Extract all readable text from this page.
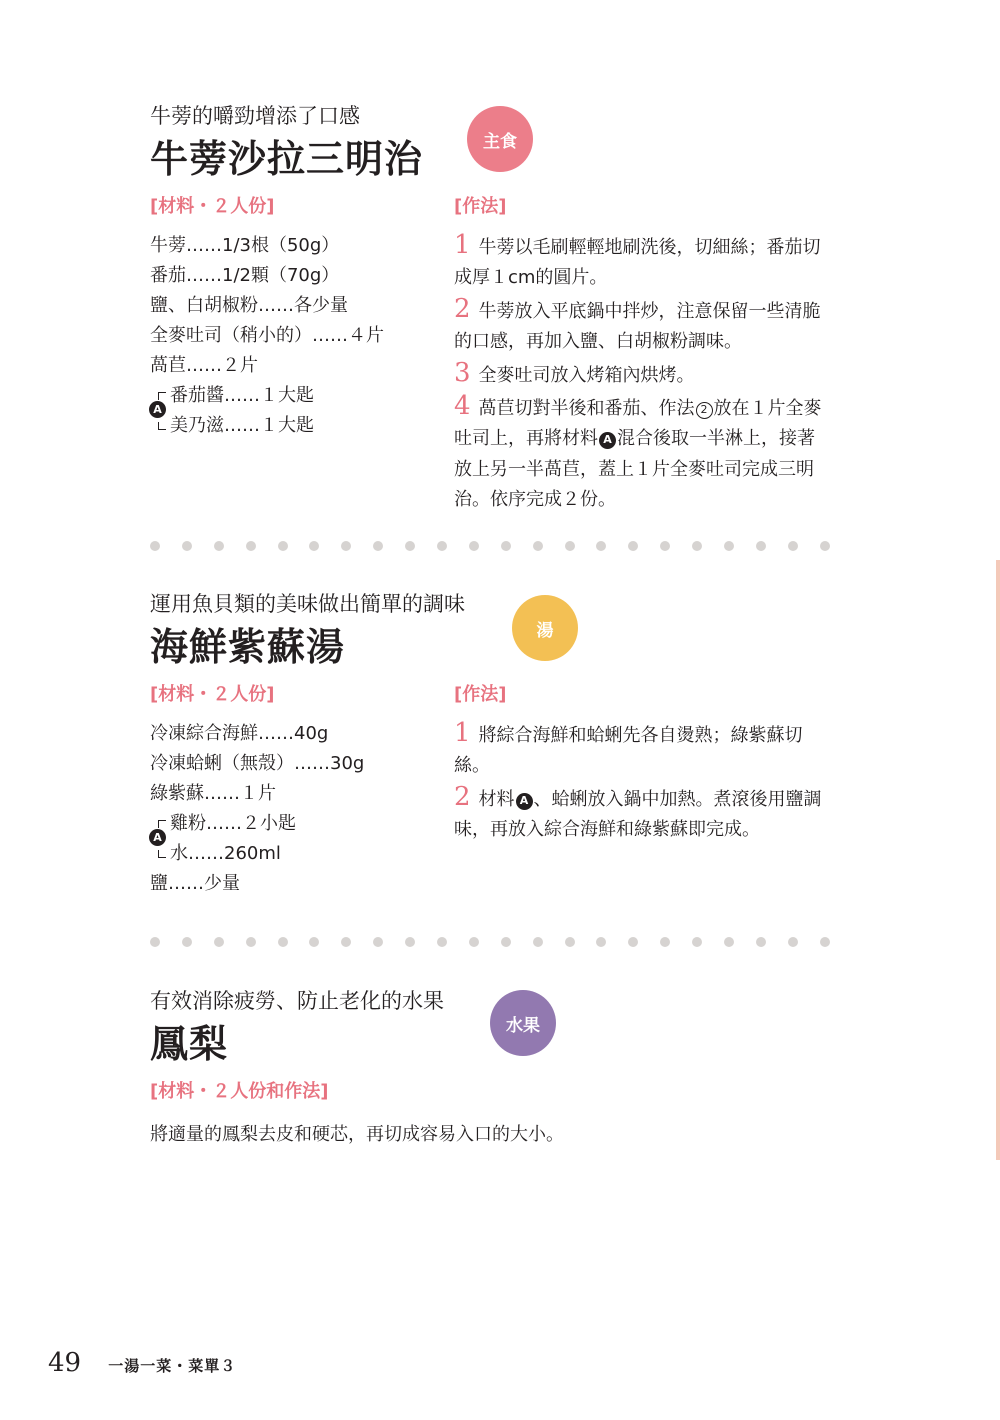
牛蒡的嚼勁增添了口感
牛蒡沙拉三明治	主食
[材料・２人份]	[作法]
牛蒡……1/3根（50g）
番茄……1/2顆（70g）
鹽、白胡椒粉……各少量
全麥吐司（稍小的）……４片
萵苣……２片
A
番茄醬……１大匙
美乃滋……１大匙

1 牛蒡以毛刷輕輕地刷洗後，切細絲；番茄切成厚１cm的圓片。

2 牛蒡放入平底鍋中拌炒，注意保留一些清脆的口感，再加入鹽、白胡椒粉調味。

3 全麥吐司放入烤箱內烘烤。

4 萵苣切對半後和番茄、作法 2 放在１片全麥吐司上，再將材料 A 混合後取一半淋上，接著放上另一半萵苣，蓋上１片全麥吐司完成三明治。依序完成２份。

運用魚貝類的美味做出簡單的調味
海鮮紫蘇湯	湯
[材料・２人份]	[作法]
冷凍綜合海鮮……40g
冷凍蛤蜊（無殼）……30g
綠紫蘇……１片
A
雞粉……２小匙
水……260ml
鹽……少量

1 將綜合海鮮和蛤蜊先各自燙熟；綠紫蘇切絲。

2 材料 A 、蛤蜊放入鍋中加熱。煮滾後用鹽調味，再放入綜合海鮮和綠紫蘇即完成。

有效消除疲勞、防止老化的水果
鳳梨	水果
[材料・２人份和作法]
將適量的鳳梨去皮和硬芯，再切成容易入口的大小。
49 一湯一菜・菜單３
